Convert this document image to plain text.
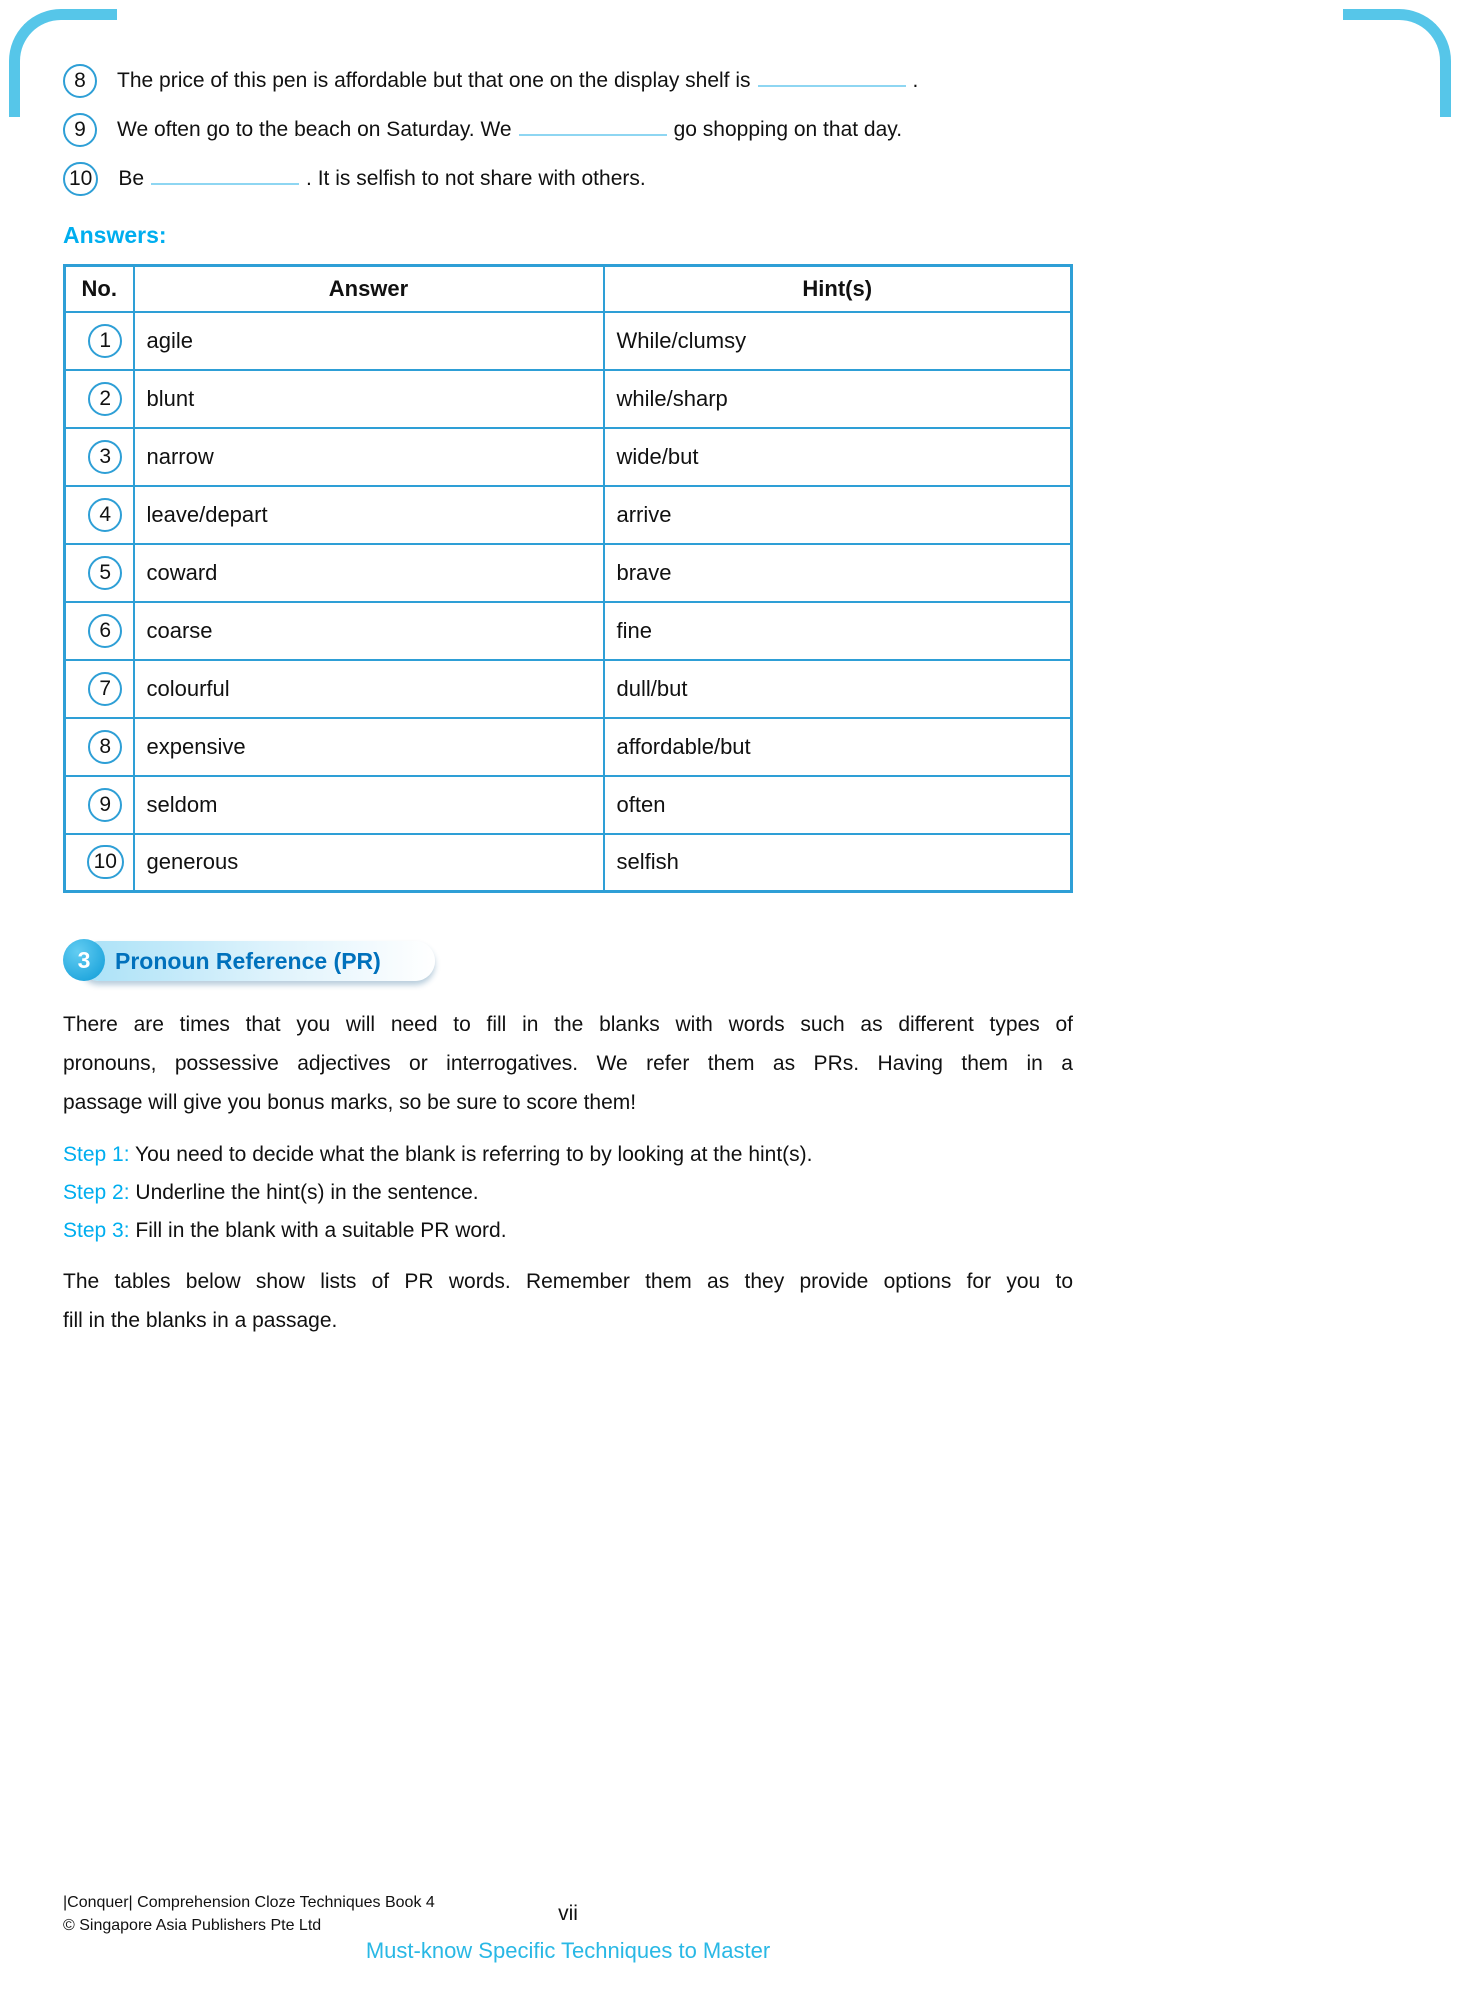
8 The price of this pen is affordable but that one on the display shelf is	.
9 We often go to the beach on Saturday. We	go shopping on that day.
10 Be	. It is selfish to not share with others.
Answers:
No.	Answer	Hint(s)

1	agile	While/clumsy

2	blunt	while/sharp

3	narrow	wide/but

4	leave/depart	arrive

5	coward	brave

6	coarse	fine

7	colourful	dull/but

8	expensive	affordable/but

9	seldom	often

10	generous	selfish
3	Pronoun Reference (PR)
There are times that you will need to fill in the blanks with words such as different types of
pronouns, possessive adjectives or interrogatives. We refer them as PRs. Having them in a
passage will give you bonus marks, so be sure to score them!
Step 1: You need to decide what the blank is referring to by looking at the hint(s).
Step 2: Underline the hint(s) in the sentence.
Step 3: Fill in the blank with a suitable PR word.
The tables below show lists of PR words. Remember them as they provide options for you to
fill in the blanks in a passage.
|Conquer| Comprehension Cloze Techniques Book 4
© Singapore Asia Publishers Pte Ltd
vii
Must-know Specific Techniques to Master
